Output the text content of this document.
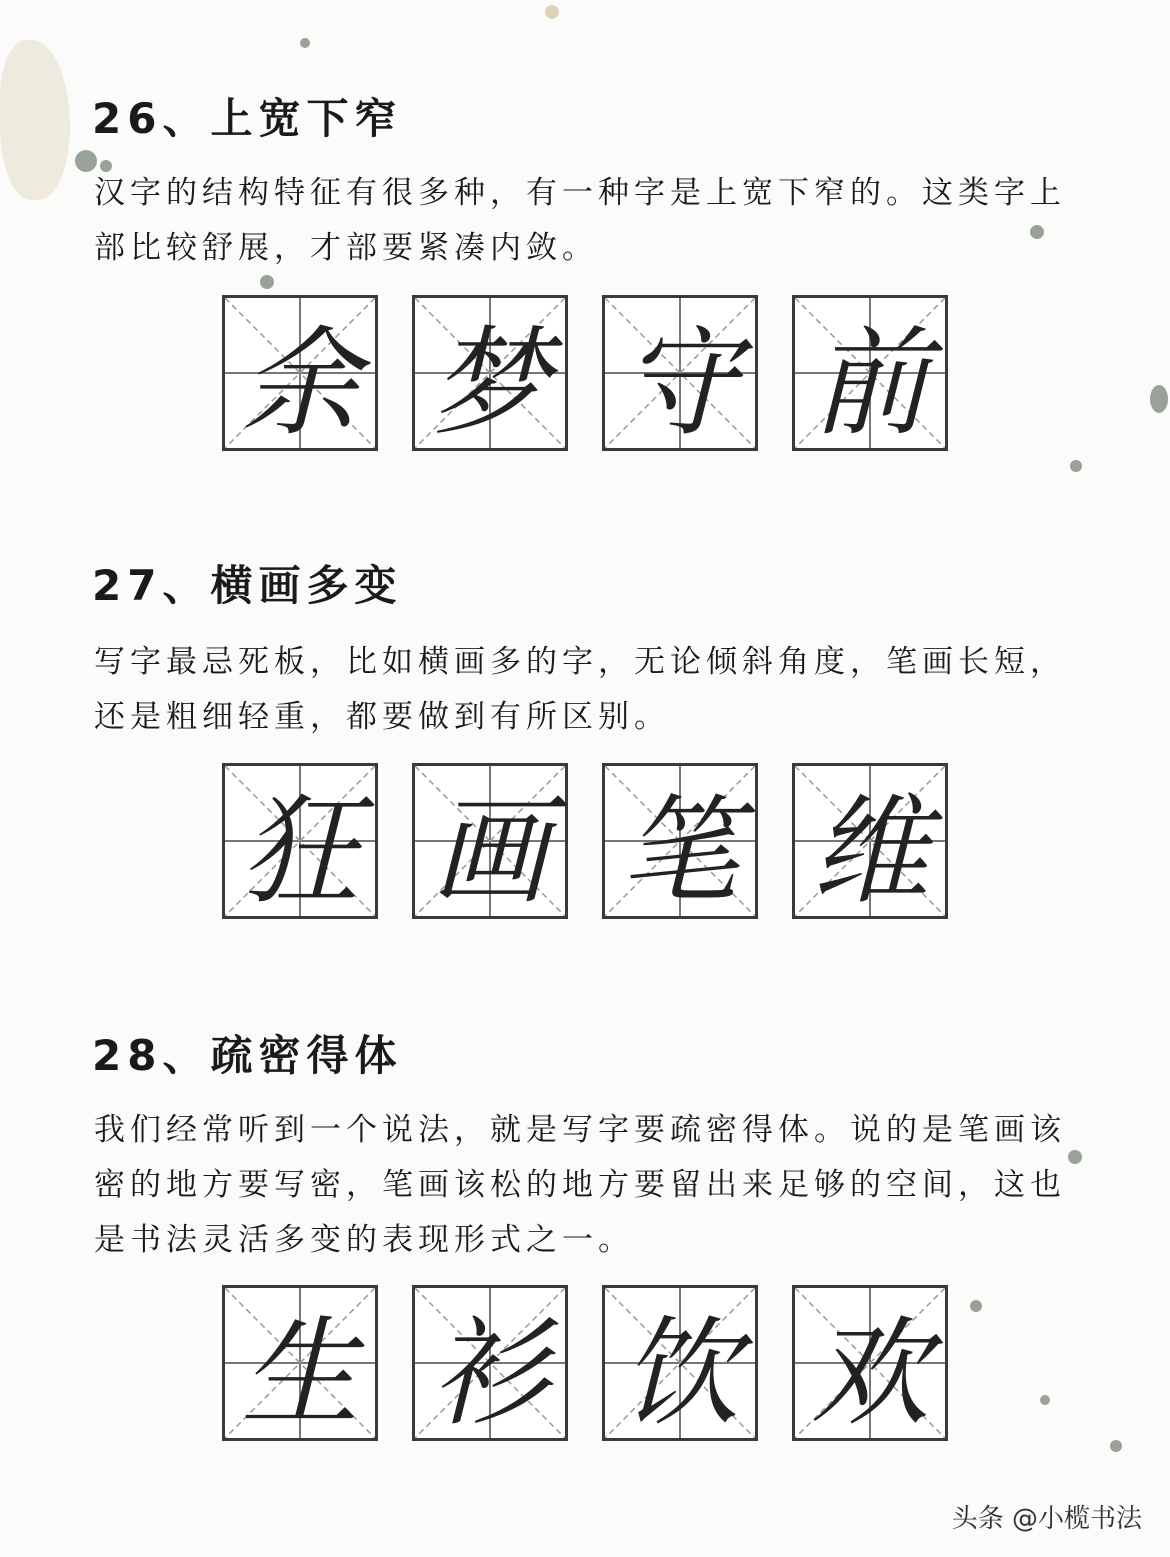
26、上宽下窄

汉字的结构特征有很多种，有一种字是上宽下窄的。这类字上部比较舒展，才部要紧凑内敛。

余 梦 守 前
27、横画多变

写字最忌死板，比如横画多的字，无论倾斜角度，笔画长短，还是粗细轻重，都要做到有所区别。

狂 画 笔 维
28、疏密得体

我们经常听到一个说法，就是写字要疏密得体。说的是笔画该密的地方要写密，笔画该松的地方要留出来足够的空间，这也是书法灵活多变的表现形式之一。

生 衫 饮 欢
头条 @小榄书法
